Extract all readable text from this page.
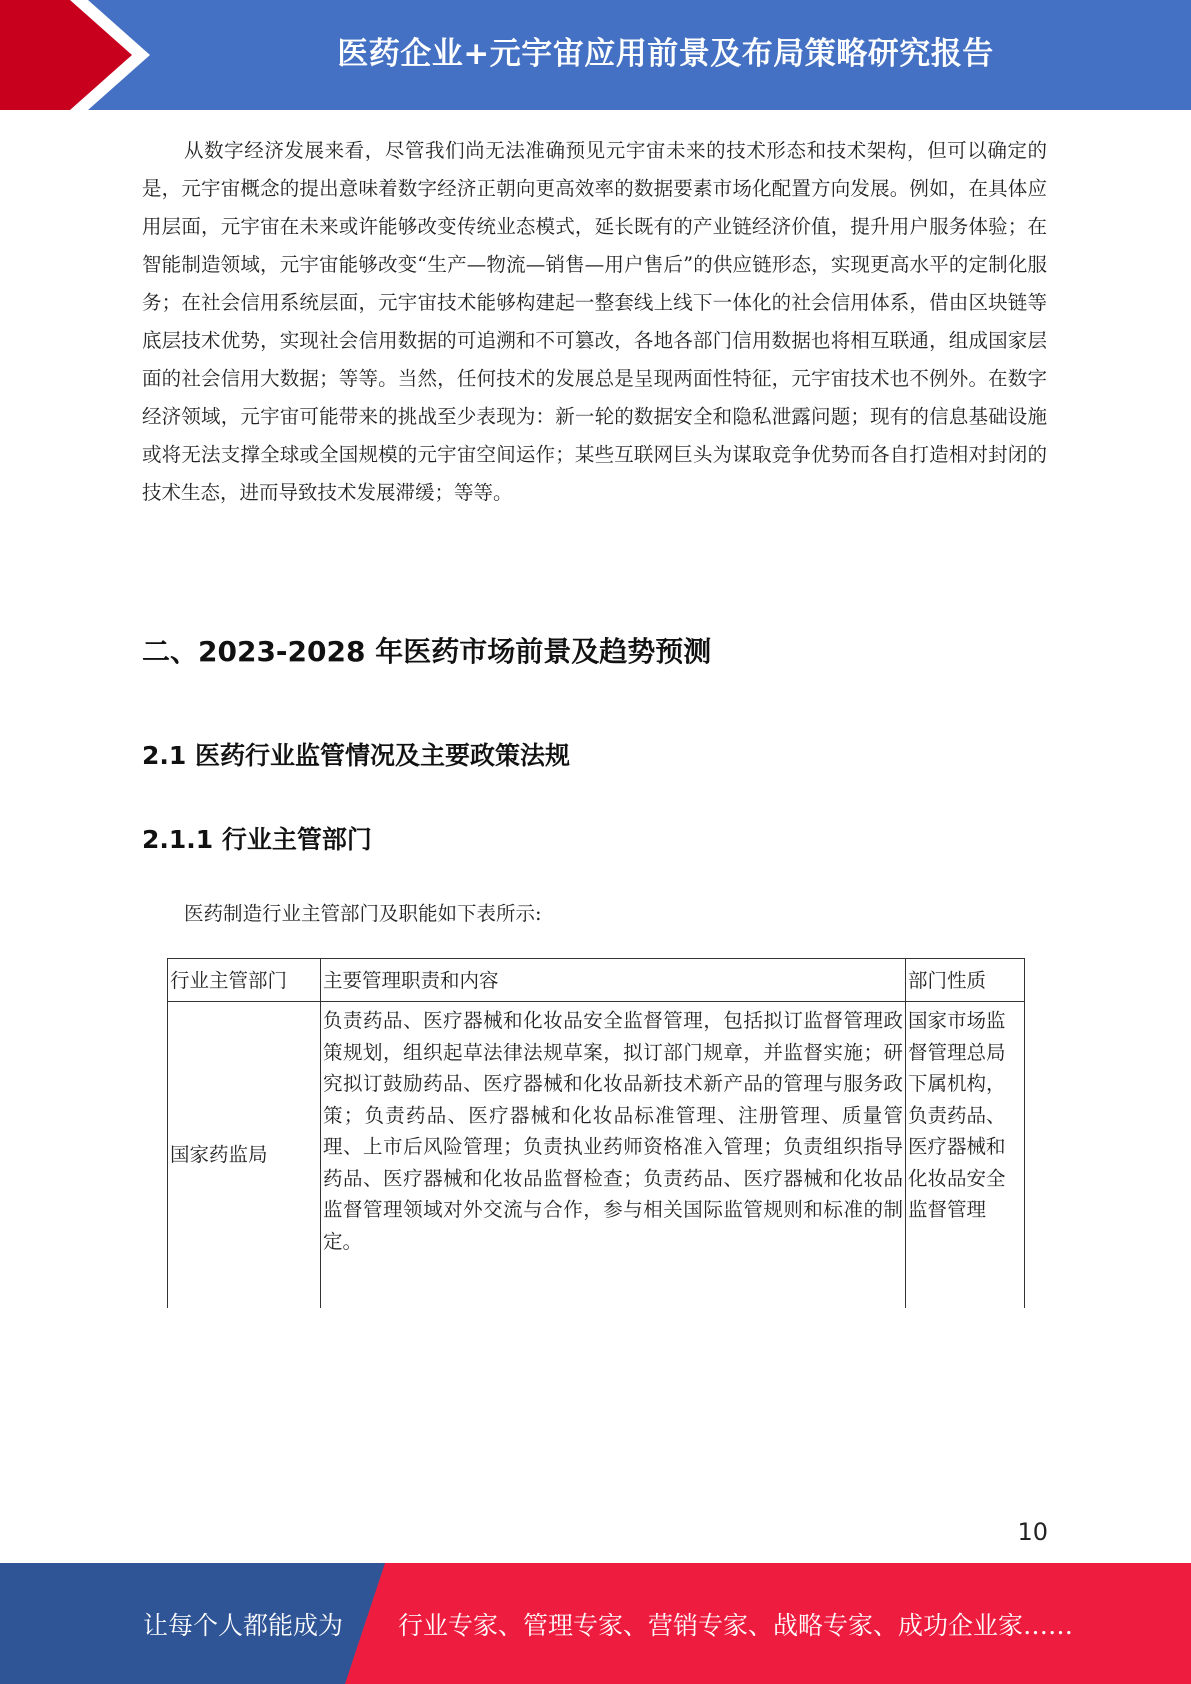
医药企业+元宇宙应用前景及布局策略研究报告
从数字经济发展来看，尽管我们尚无法准确预见元宇宙未来的技术形态和技术架构，但可以确定的是，元宇宙概念的提出意味着数字经济正朝向更高效率的数据要素市场化配置方向发展。例如，在具体应用层面，元宇宙在未来或许能够改变传统业态模式，延长既有的产业链经济价值，提升用户服务体验；在智能制造领域，元宇宙能够改变“生产—物流—销售—用户售后”的供应链形态，实现更高水平的定制化服务；在社会信用系统层面，元宇宙技术能够构建起一整套线上线下一体化的社会信用体系，借由区块链等底层技术优势，实现社会信用数据的可追溯和不可篡改，各地各部门信用数据也将相互联通，组成国家层面的社会信用大数据；等等。当然，任何技术的发展总是呈现两面性特征，元宇宙技术也不例外。在数字经济领域，元宇宙可能带来的挑战至少表现为：新一轮的数据安全和隐私泄露问题；现有的信息基础设施或将无法支撑全球或全国规模的元宇宙空间运作；某些互联网巨头为谋取竞争优势而各自打造相对封闭的技术生态，进而导致技术发展滞缓；等等。
二、2023-2028 年医药市场前景及趋势预测
2.1 医药行业监管情况及主要政策法规
2.1.1 行业主管部门
医药制造行业主管部门及职能如下表所示:
行业主管部门	主要管理职责和内容	部门性质
国家药监局
负责药品、医疗器械和化妆品安全监督管理，包括拟订监督管理政策规划，组织起草法律法规草案，拟订部门规章，并监督实施；研究拟订鼓励药品、医疗器械和化妆品新技术新产品的管理与服务政策；负责药品、医疗器械和化妆品标准管理、注册管理、质量管理、上市后风险管理；负责执业药师资格准入管理；负责组织指导药品、医疗器械和化妆品监督检查；负责药品、医疗器械和化妆品监督管理领域对外交流与合作，参与相关国际监管规则和标准的制定。
国家市场监督管理总局下属机构，负责药品、医疗器械和化妆品安全监督管理
10
让每个人都能成为 行业专家、管理专家、营销专家、战略专家、成功企业家……
